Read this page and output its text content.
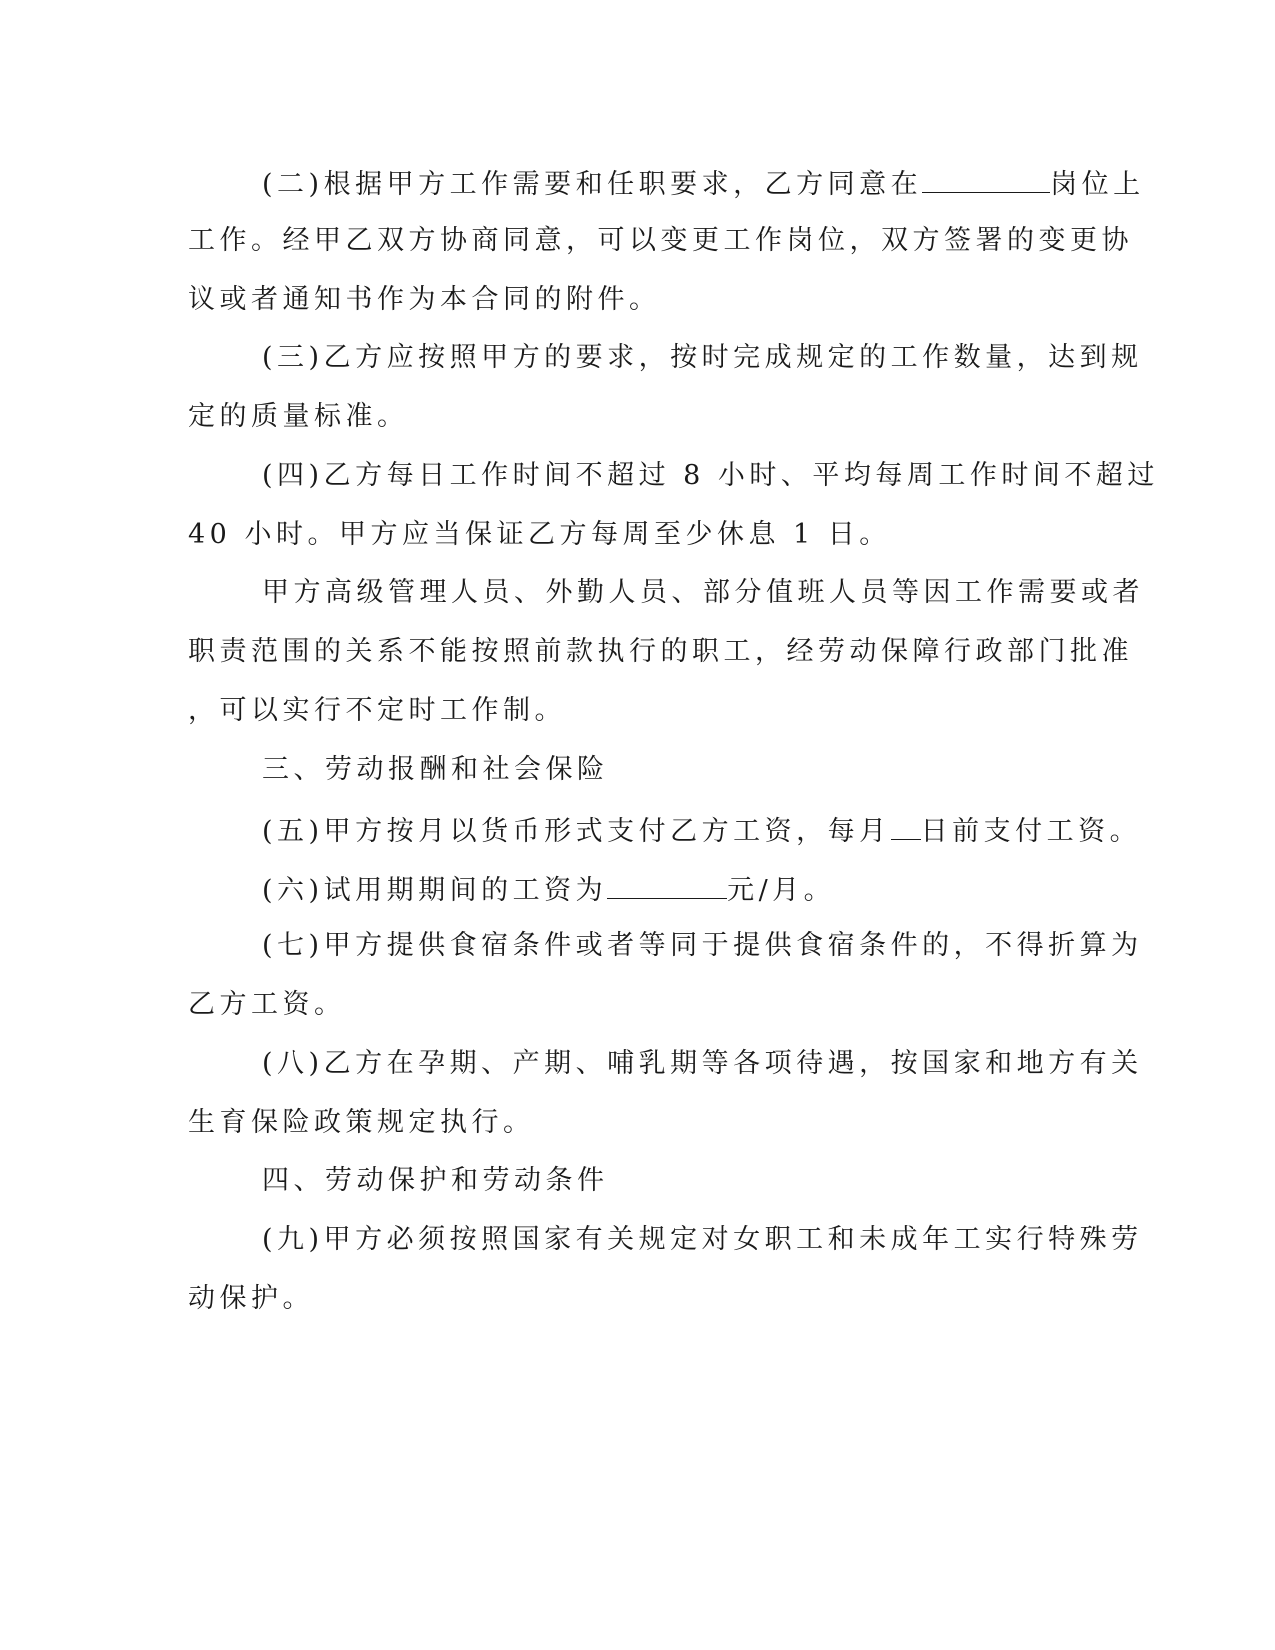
(二)根据甲方工作需要和任职要求，乙方同意在	岗位上
工作。经甲乙双方协商同意，可以变更工作岗位，双方签署的变更协
议或者通知书作为本合同的附件。
(三)乙方应按照甲方的要求，按时完成规定的工作数量，达到规
定的质量标准。
(四)乙方每日工作时间不超过 8 小时、平均每周工作时间不超过
40 小时。甲方应当保证乙方每周至少休息 1 日。
甲方高级管理人员、外勤人员、部分值班人员等因工作需要或者
职责范围的关系不能按照前款执行的职工，经劳动保障行政部门批准
，可以实行不定时工作制。
三、劳动报酬和社会保险
(五)甲方按月以货币形式支付乙方工资，每月 日前支付工资。
(六)试用期期间的工资为	元/月。
(七)甲方提供食宿条件或者等同于提供食宿条件的，不得折算为
乙方工资。
(八)乙方在孕期、产期、哺乳期等各项待遇，按国家和地方有关
生育保险政策规定执行。
四、劳动保护和劳动条件
(九)甲方必须按照国家有关规定对女职工和未成年工实行特殊劳
动保护。
